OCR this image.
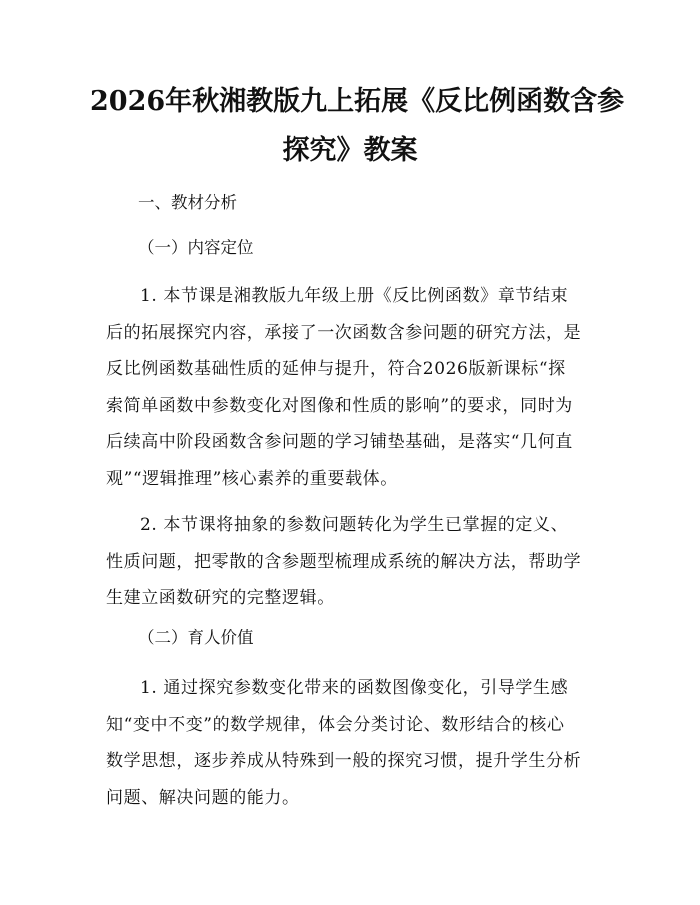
2026年秋湘教版九上拓展《反比例函数含参
探究》教案

一、教材分析

（一）内容定位

1. 本节课是湘教版九年级上册《反比例函数》章节结束
后的拓展探究内容，承接了一次函数含参问题的研究方法，是
反比例函数基础性质的延伸与提升，符合2026版新课标“探
索简单函数中参数变化对图像和性质的影响”的要求，同时为
后续高中阶段函数含参问题的学习铺垫基础，是落实“几何直
观”“逻辑推理”核心素养的重要载体。
2. 本节课将抽象的参数问题转化为学生已掌握的定义、
性质问题，把零散的含参题型梳理成系统的解决方法，帮助学
生建立函数研究的完整逻辑。

（二）育人价值

1. 通过探究参数变化带来的函数图像变化，引导学生感
知“变中不变”的数学规律，体会分类讨论、数形结合的核心
数学思想，逐步养成从特殊到一般的探究习惯，提升学生分析
问题、解决问题的能力。
